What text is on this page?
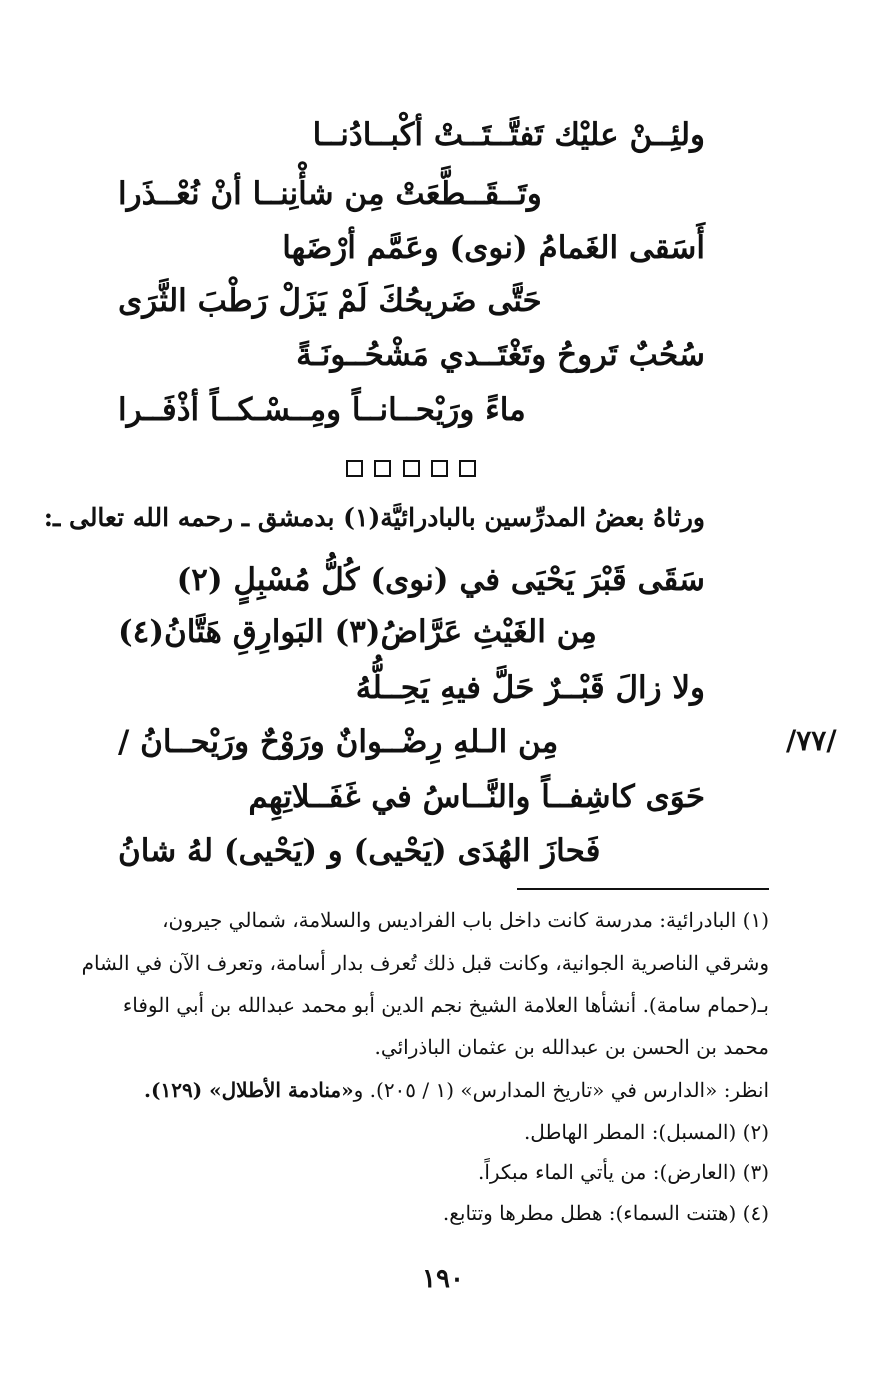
ولئِــنْ عليْك تَفتَّــتَــتْ أكْبــادُنــا
وتَــقَــطَّعَتْ مِن شأْنِنــا أنْ نُعْــذَرا
أَسَقى الغَمامُ (نوى) وعَمَّم أرْضَها
حَتَّى ضَريحُكَ لَمْ يَزَلْ رَطْبَ الثَّرَى
سُحُبٌ تَروحُ وتَغْتَــدي مَشْحُــونَـةً
ماءً ورَيْحــانــاً ومِــسْـكــاً أذْفَــرا
ورثاهُ بعضُ المدرِّسين بالبادرائيَّة(١) بدمشق ـ رحمه الله تعالى ـ:
سَقَى قَبْرَ يَحْيَى في (نوى) كُلُّ مُسْبِلٍ (٢)
مِن الغَيْثِ عَرَّاضُ(٣) البَوارِقِ هَتَّانُ(٤)
ولا زالَ قَبْــرٌ حَلَّ فيهِ يَحِــلُّهُ
مِن الـلهِ رِضْــوانٌ ورَوْحٌ ورَيْحــانُ /
حَوَى كاشِفــاً والنَّــاسُ في غَفَــلاتِهِم
فَحازَ الهُدَى (يَحْيى) و (يَحْيى) لهُ شانُ
/٧٧/
(١) البادرائية: مدرسة كانت داخل باب الفراديس والسلامة، شمالي جيرون،
وشرقي الناصرية الجوانية، وكانت قبل ذلك تُعرف بدار أسامة، وتعرف الآن في الشام
بـ(حمام سامة). أنشأها العلامة الشيخ نجم الدين أبو محمد عبدالله بن أبي الوفاء
محمد بن الحسن بن عبدالله بن عثمان الباذرائي.
انظر: «الدارس في «تاريخ المدارس» (١ / ٢٠٥). و«منادمة الأطلال» (١٢٩).
(٢) (المسبل): المطر الهاطل.
(٣) (العارض): من يأتي الماء مبكراً.
(٤) (هتنت السماء): هطل مطرها وتتابع.
١٩٠
